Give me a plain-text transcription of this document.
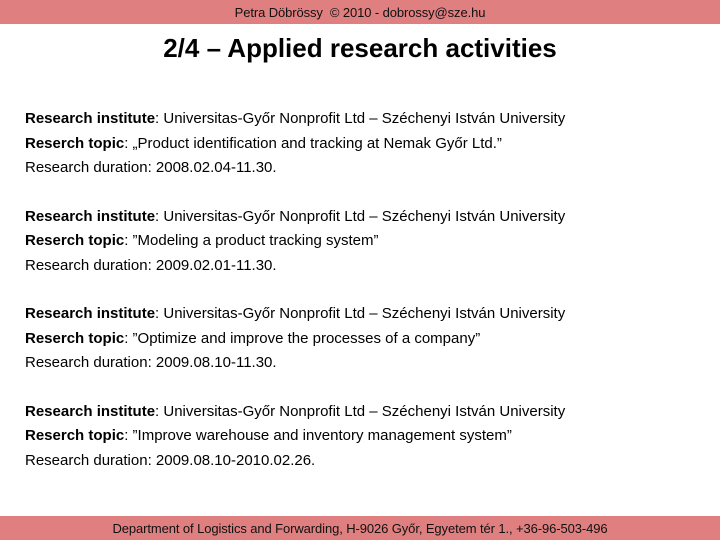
Petra Döbrössy  © 2010 - dobrossy@sze.hu
2/4 – Applied research activities
Research institute: Universitas-Győr Nonprofit Ltd – Széchenyi István University
Reserch topic: „Product identification and tracking at Nemak Győr Ltd.”
Research duration: 2008.02.04-11.30.
Research institute: Universitas-Győr Nonprofit Ltd – Széchenyi István University
Reserch topic: ”Modeling a product tracking system”
Research duration: 2009.02.01-11.30.
Research institute: Universitas-Győr Nonprofit Ltd – Széchenyi István University
Reserch topic: ”Optimize and improve the processes of a company”
Research duration: 2009.08.10-11.30.
Research institute: Universitas-Győr Nonprofit Ltd – Széchenyi István University
Reserch topic: ”Improve warehouse and inventory management system”
Research duration: 2009.08.10-2010.02.26.
Department of Logistics and Forwarding, H-9026 Győr, Egyetem tér 1., +36-96-503-496
